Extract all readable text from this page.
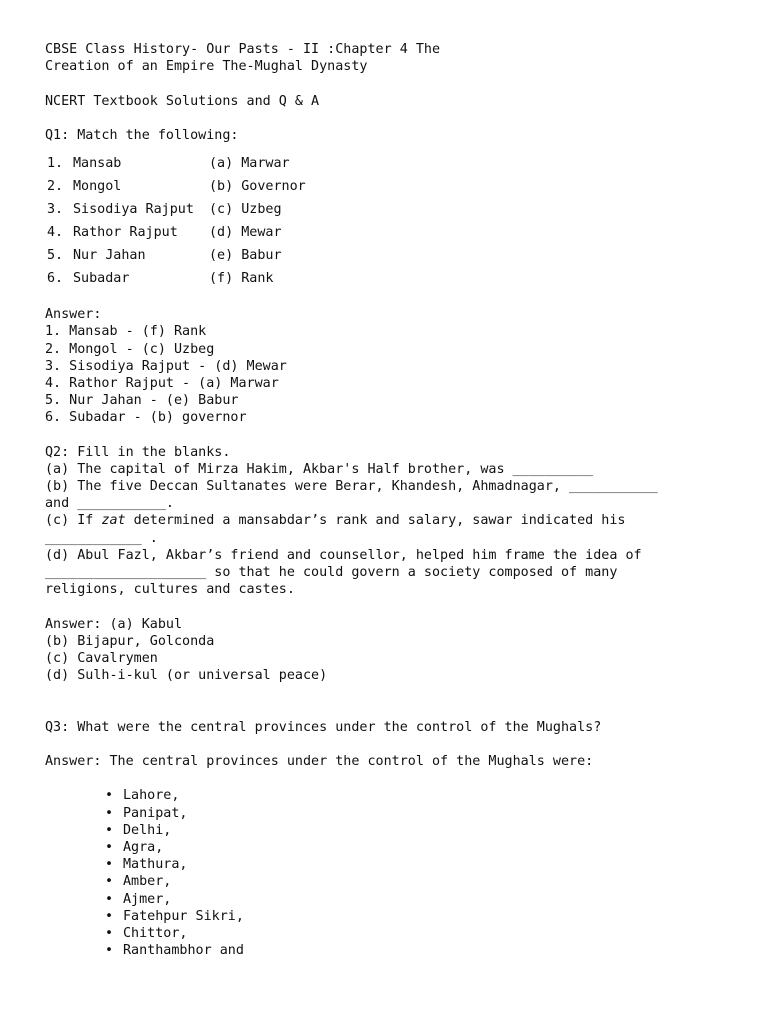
CBSE Class History- Our Pasts - II :Chapter 4 The
Creation of an Empire The-Mughal Dynasty
NCERT Textbook Solutions and Q & A
Q1: Match the following:
1.	Mansab	(a) Marwar
2.	Mongol	(b) Governor
3.	Sisodiya Rajput	(c) Uzbeg
4.	Rathor Rajput	(d) Mewar
5.	Nur Jahan	(e) Babur
6.	Subadar	(f) Rank
Answer:
1. Mansab - (f) Rank
2. Mongol - (c) Uzbeg
3. Sisodiya Rajput - (d) Mewar
4. Rathor Rajput - (a) Marwar
5. Nur Jahan - (e) Babur
6. Subadar - (b) governor
Q2: Fill in the blanks.
(a) The capital of Mirza Hakim, Akbar's Half brother, was __________
(b) The five Deccan Sultanates were Berar, Khandesh, Ahmadnagar, ___________
and ___________.
(c) If zat determined a mansabdar’s rank and salary, sawar indicated his
____________ .
(d) Abul Fazl, Akbar’s friend and counsellor, helped him frame the idea of
____________________ so that he could govern a society composed of many
religions, cultures and castes.
Answer: (a) Kabul
(b) Bijapur, Golconda
(c) Cavalrymen
(d) Sulh-i-kul (or universal peace)
Q3: What were the central provinces under the control of the Mughals?
Answer: The central provinces under the control of the Mughals were:
• Lahore,
• Panipat,
• Delhi,
• Agra,
• Mathura,
• Amber,
• Ajmer,
• Fatehpur Sikri,
• Chittor,
• Ranthambhor and
